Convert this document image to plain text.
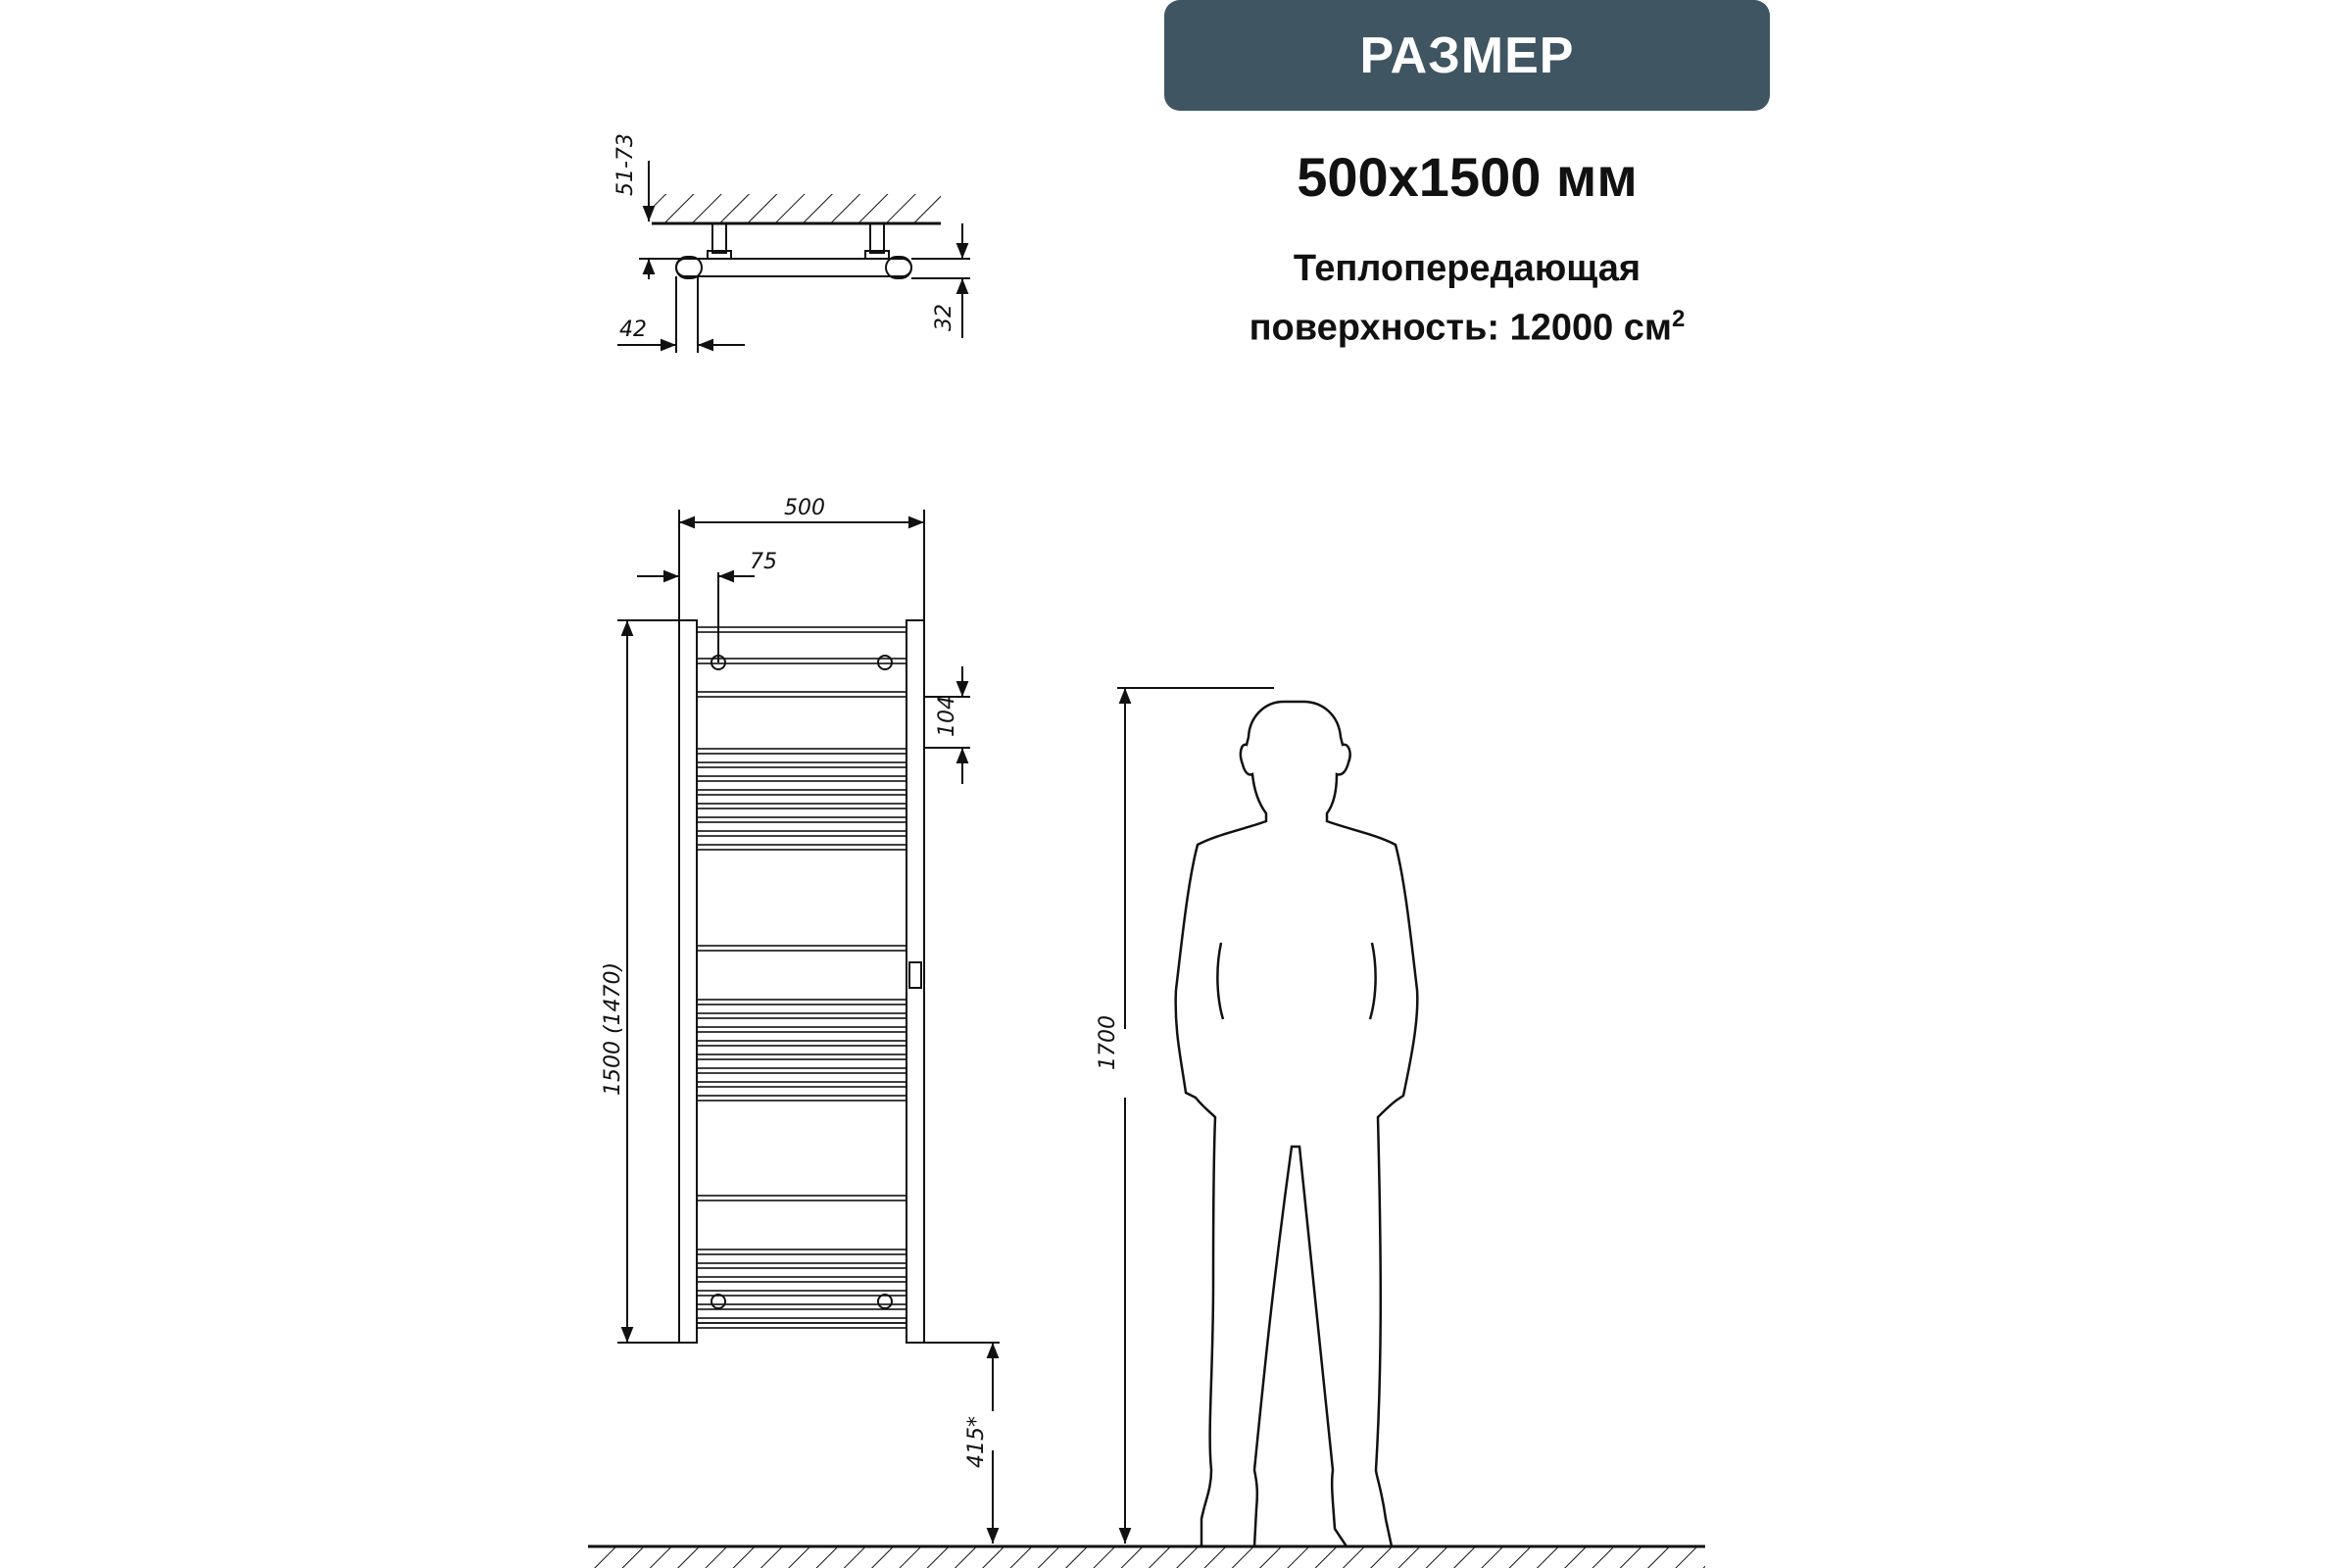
РАЗМЕР
500x1500 мм
Теплопередающая
поверхность: 12000 $см^2$
51-73
42	32
500
75
104
1500 (1470)
415*
1700
